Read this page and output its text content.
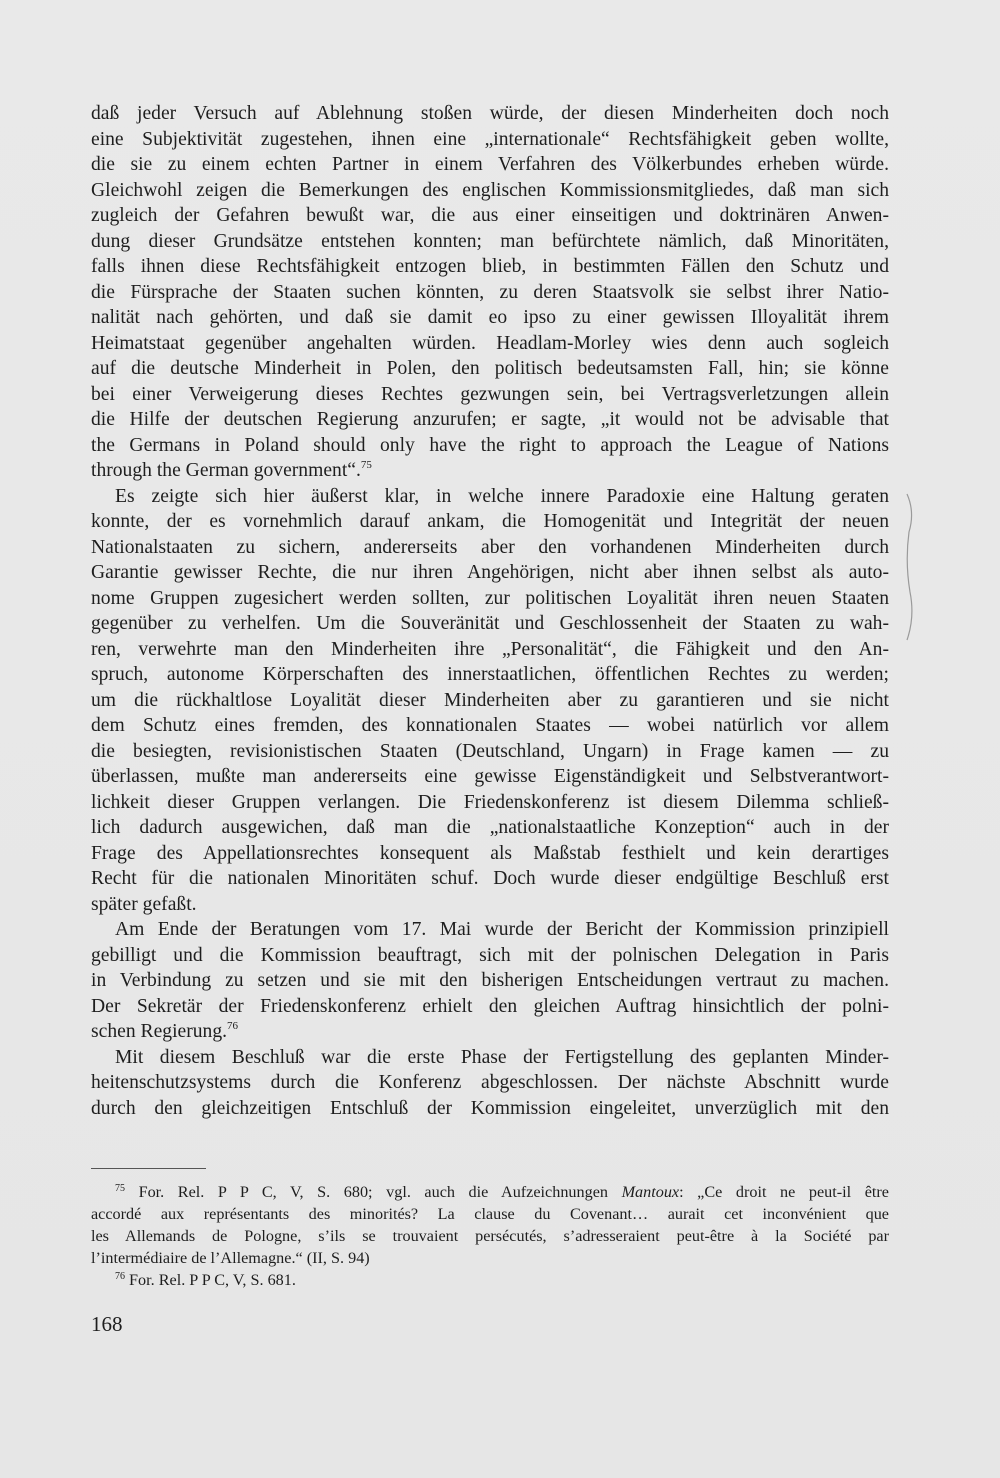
daß jeder Versuch auf Ablehnung stoßen würde, der diesen Minderheiten doch noch
eine Subjektivität zugestehen, ihnen eine „internationale“ Rechtsfähigkeit geben wollte,
die sie zu einem echten Partner in einem Verfahren des Völkerbundes erheben würde.
Gleichwohl zeigen die Bemerkungen des englischen Kommissionsmitgliedes, daß man sich
zugleich der Gefahren bewußt war, die aus einer einseitigen und doktrinären Anwen-
dung dieser Grundsätze entstehen konnten; man befürchtete nämlich, daß Minoritäten,
falls ihnen diese Rechtsfähigkeit entzogen blieb, in bestimmten Fällen den Schutz und
die Fürsprache der Staaten suchen könnten, zu deren Staatsvolk sie selbst ihrer Natio-
nalität nach gehörten, und daß sie damit eo ipso zu einer gewissen Illoyalität ihrem
Heimatstaat gegenüber angehalten würden. Headlam-Morley wies denn auch sogleich
auf die deutsche Minderheit in Polen, den politisch bedeutsamsten Fall, hin; sie könne
bei einer Verweigerung dieses Rechtes gezwungen sein, bei Vertragsverletzungen allein
die Hilfe der deutschen Regierung anzurufen; er sagte, „it would not be advisable that
the Germans in Poland should only have the right to approach the League of Nations
through the German government“.$^{75}$
Es zeigte sich hier äußerst klar, in welche innere Paradoxie eine Haltung geraten
konnte, der es vornehmlich darauf ankam, die Homogenität und Integrität der neuen
Nationalstaaten zu sichern, andererseits aber den vorhandenen Minderheiten durch
Garantie gewisser Rechte, die nur ihren Angehörigen, nicht aber ihnen selbst als auto-
nome Gruppen zugesichert werden sollten, zur politischen Loyalität ihren neuen Staaten
gegenüber zu verhelfen. Um die Souveränität und Geschlossenheit der Staaten zu wah-
ren, verwehrte man den Minderheiten ihre „Personalität“, die Fähigkeit und den An-
spruch, autonome Körperschaften des innerstaatlichen, öffentlichen Rechtes zu werden;
um die rückhaltlose Loyalität dieser Minderheiten aber zu garantieren und sie nicht
dem Schutz eines fremden, des konnationalen Staates — wobei natürlich vor allem
die besiegten, revisionistischen Staaten (Deutschland, Ungarn) in Frage kamen — zu
überlassen, mußte man andererseits eine gewisse Eigenständigkeit und Selbstverantwort-
lichkeit dieser Gruppen verlangen. Die Friedenskonferenz ist diesem Dilemma schließ-
lich dadurch ausgewichen, daß man die „nationalstaatliche Konzeption“ auch in der
Frage des Appellationsrechtes konsequent als Maßstab festhielt und kein derartiges
Recht für die nationalen Minoritäten schuf. Doch wurde dieser endgültige Beschluß erst
später gefaßt.
Am Ende der Beratungen vom 17. Mai wurde der Bericht der Kommission prinzipiell
gebilligt und die Kommission beauftragt, sich mit der polnischen Delegation in Paris
in Verbindung zu setzen und sie mit den bisherigen Entscheidungen vertraut zu machen.
Der Sekretär der Friedenskonferenz erhielt den gleichen Auftrag hinsichtlich der polni-
schen Regierung.$^{76}$
Mit diesem Beschluß war die erste Phase der Fertigstellung des geplanten Minder-
heitenschutzsystems durch die Konferenz abgeschlossen. Der nächste Abschnitt wurde
durch den gleichzeitigen Entschluß der Kommission eingeleitet, unverzüglich mit den
$^{75}$ For. Rel. P P C, V, S. 680; vgl. auch die Aufzeichnungen Mantoux: „Ce droit ne peut-il être
accordé aux représentants des minorités? La clause du Covenant… aurait cet inconvénient que
les Allemands de Pologne, s’ils se trouvaient persécutés, s’adresseraient peut-être à la Société par
l’intermédiaire de l’Allemagne.“ (II, S. 94)
$^{76}$ For. Rel. P P C, V, S. 681.
168
